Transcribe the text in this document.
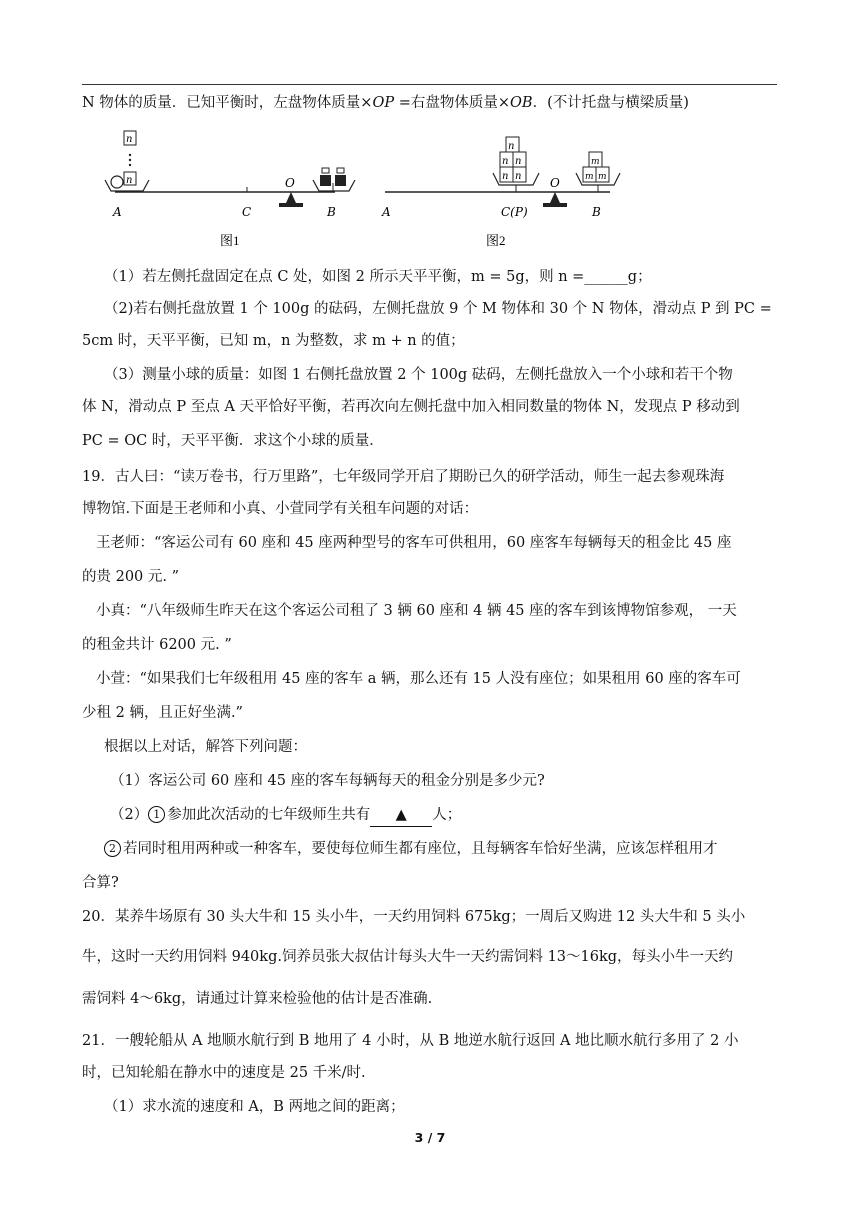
N 物体的质量．已知平衡时，左盘物体质量×OP =右盘物体质量×OB．(不计托盘与横梁质量)
n
n
A	C
O
B
图1
n
n n
n n	m m
m
A	C(P)
O
B
图2
（1）若左侧托盘固定在点 C 处，如图 2 所示天平平衡，m = 5g，则 n =______g；
（2)若右侧托盘放置 1 个 100g 的砝码，左侧托盘放 9 个 M 物体和 30 个 N 物体，滑动点 P 到 PC =
5cm 时，天平平衡，已知 m，n 为整数，求 m + n 的值；
（3）测量小球的质量：如图 1 右侧托盘放置 2 个 100g 砝码，左侧托盘放入一个小球和若干个物
体 N，滑动点 P 至点 A 天平恰好平衡，若再次向左侧托盘中加入相同数量的物体 N，发现点 P 移动到
PC = OC 时，天平平衡．求这个小球的质量．
19．古人曰：“读万卷书，行万里路”，七年级同学开启了期盼已久的研学活动，师生一起去参观珠海
博物馆.下面是王老师和小真、小萱同学有关租车问题的对话：
王老师：“客运公司有 60 座和 45 座两种型号的客车可供租用，60 座客车每辆每天的租金比 45 座
的贵 200 元. ”
小真：“八年级师生昨天在这个客运公司租了 3 辆 60 座和 4 辆 45 座的客车到该博物馆参观， 一天
的租金共计 6200 元. ”
小萱：“如果我们七年级租用 45 座的客车 a 辆，那么还有 15 人没有座位；如果租用 60 座的客车可
少租 2 辆，且正好坐满.”
根据以上对话，解答下列问题：
（1）客运公司 60 座和 45 座的客车每辆每天的租金分别是多少元?
（2） 1 参加此次活动的七年级师生共有 ▲ 人；
2 若同时租用两种或一种客车，要使每位师生都有座位，且每辆客车恰好坐满，应该怎样租用才
合算?
20．某养牛场原有 30 头大牛和 15 头小牛，一天约用饲料 675kg；一周后又购进 12 头大牛和 5 头小
牛，这时一天约用饲料 940kg.饲养员张大叔估计每头大牛一天约需饲料 13～16kg，每头小牛一天约
需饲料 4～6kg，请通过计算来检验他的估计是否准确.
21．一艘轮船从 A 地顺水航行到 B 地用了 4 小时，从 B 地逆水航行返回 A 地比顺水航行多用了 2 小
时，已知轮船在静水中的速度是 25 千米/时.
（1）求水流的速度和 A，B 两地之间的距离；
3 / 7
